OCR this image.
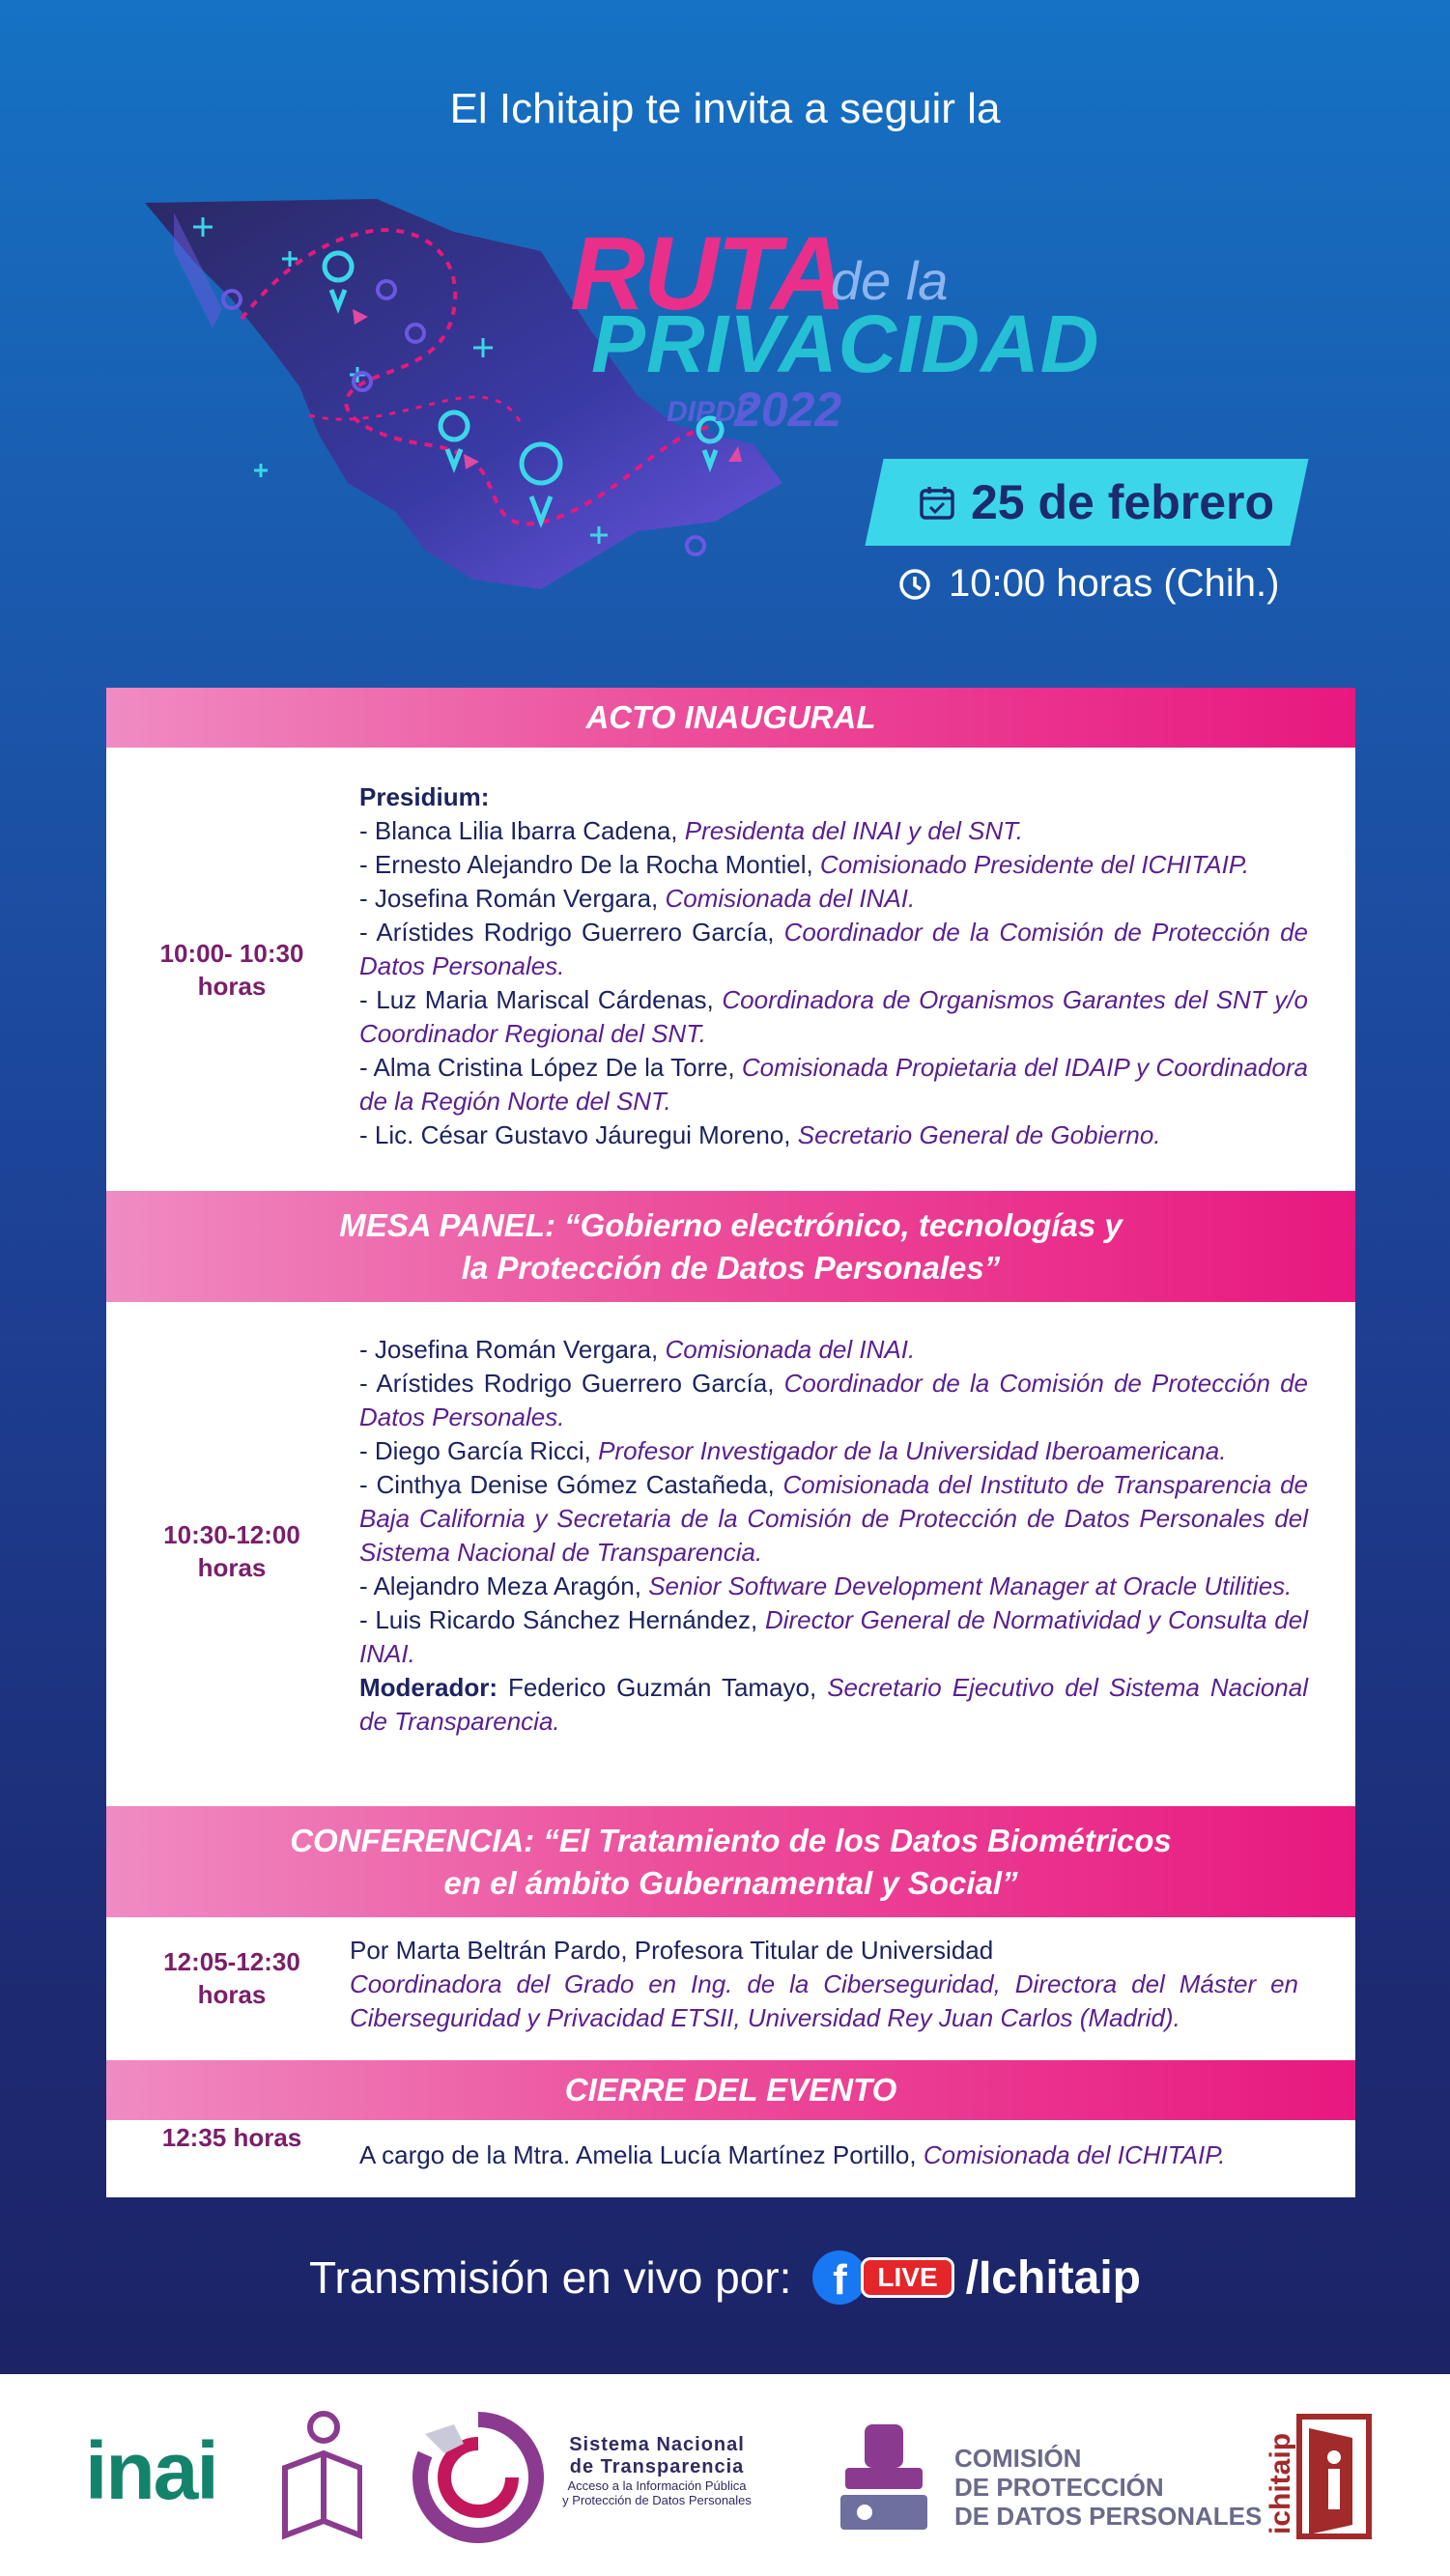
El Ichitaip te invita a seguir la
RUTA
de la
PRIVACIDAD
DIPDP
2022
25 de febrero
10:00 horas (Chih.)
ACTO INAUGURAL
10:00- 10:30
horas
Presidium:
- Blanca Lilia Ibarra Cadena, Presidenta del INAI y del SNT.
- Ernesto Alejandro De la Rocha Montiel, Comisionado Presidente del ICHITAIP.
- Josefina Román Vergara, Comisionada del INAI.
- Arístides Rodrigo Guerrero García, Coordinador de la Comisión de Protección de Datos Personales.
- Luz Maria Mariscal Cárdenas, Coordinadora de Organismos Garantes del SNT y/o Coordinador Regional del SNT.
- Alma Cristina López De la Torre, Comisionada Propietaria del IDAIP y Coordinadora de la Región Norte del SNT.
- Lic. César Gustavo Jáuregui Moreno, Secretario General de Gobierno.
MESA PANEL: “Gobierno electrónico, tecnologías y
la Protección de Datos Personales”
10:30-12:00
horas
- Josefina Román Vergara, Comisionada del INAI.
- Arístides Rodrigo Guerrero García, Coordinador de la Comisión de Protección de Datos Personales.
- Diego García Ricci, Profesor Investigador de la Universidad Iberoamericana.
- Cinthya Denise Gómez Castañeda, Comisionada del Instituto de Transparencia de Baja California y Secretaria de la Comisión de Protección de Datos Personales del Sistema Nacional de Transparencia.
- Alejandro Meza Aragón, Senior Software Development Manager at Oracle Utilities.
- Luis Ricardo Sánchez Hernández, Director General de Normatividad y Consulta del INAI.
Moderador: Federico Guzmán Tamayo, Secretario Ejecutivo del Sistema Nacional de Transparencia.
CONFERENCIA: “El Tratamiento de los Datos Biométricos
en el ámbito Gubernamental y Social”
12:05-12:30
horas
Por Marta Beltrán Pardo, Profesora Titular de Universidad
Coordinadora del Grado en Ing. de la Ciberseguridad, Directora del Máster en Ciberseguridad y Privacidad ETSII, Universidad Rey Juan Carlos (Madrid).
CIERRE DEL EVENTO
12:35 horas
A cargo de la Mtra. Amelia Lucía Martínez Portillo, Comisionada del ICHITAIP.
Transmisión en vivo por: f	LIVE /Ichitaip
inai	Sistema Nacional
de Transparencia
Acceso a la Información Pública
y Protección de Datos Personales
COMISIÓN
DE PROTECCIÓN
DE DATOS PERSONALES ichitaip
